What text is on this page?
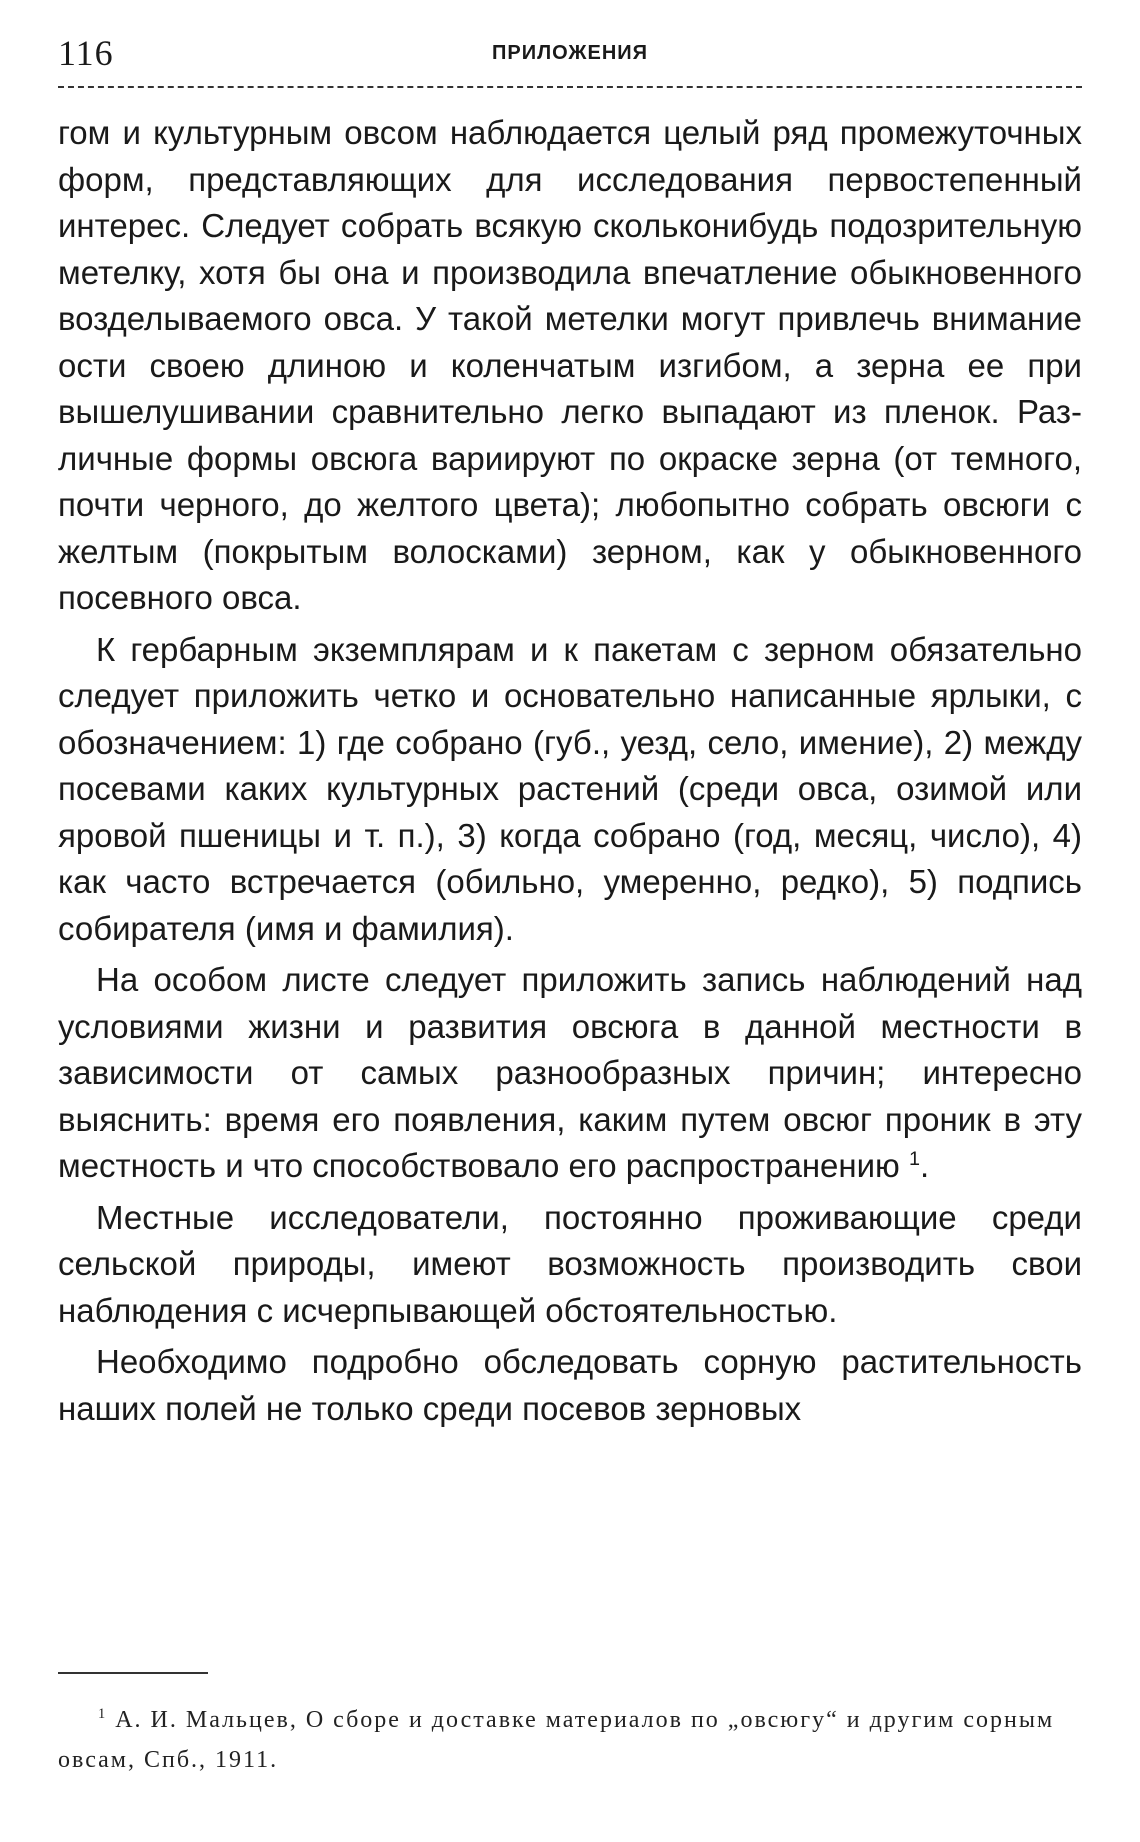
116	ПРИЛОЖЕНИЯ

гом и культурным овсом наблюдается целый ряд промежуточных форм, представляющих для исследования первостепенный интерес. Следует собрать всякую скольконибудь подозрительную метелку, хотя бы она и производила впечатление обыкновенного возделываемого овса. У такой метелки могут привлечь внимание ости своею длиною и коленчатым изгибом, а зерна ее при вышелушивании сравнительно легко выпадают из пленок. Различные формы овсюга вариируют по окраске зерна (от темного, почти черного, до желтого цвета); любопытно собрать овсюги с желтым (покрытым волосками) зерном, как у обыкновенного посевного овса.

К гербарным экземплярам и к пакетам с зерном обязательно следует приложить четко и основательно написанные ярлыки, с обозначением: 1) где собрано (губ., уезд, село, имение), 2) между посевами каких культурных растений (среди овса, озимой или яровой пшеницы и т. п.), 3) когда собрано (год, месяц, число), 4) как часто встречается (обильно, умеренно, редко), 5) подпись собирателя (имя и фамилия).

На особом листе следует приложить запись наблюдений над условиями жизни и развития овсюга в данной местности в зависимости от самых разнообразных причин; интересно выяснить: время его появления, каким путем овсюг проник в эту местность и что способствовало его распространению $^1$.

Местные исследователи, постоянно проживающие среди сельской природы, имеют возможность производить свои наблюдения с исчерпывающей обстоятельностью.

Необходимо подробно обследовать сорную растительность наших полей не только среди посевов зерновых

$^1$ А. И. Мальцев, О сборе и доставке материалов по „овсюгу“ и другим сорным овсам, Спб., 1911.
